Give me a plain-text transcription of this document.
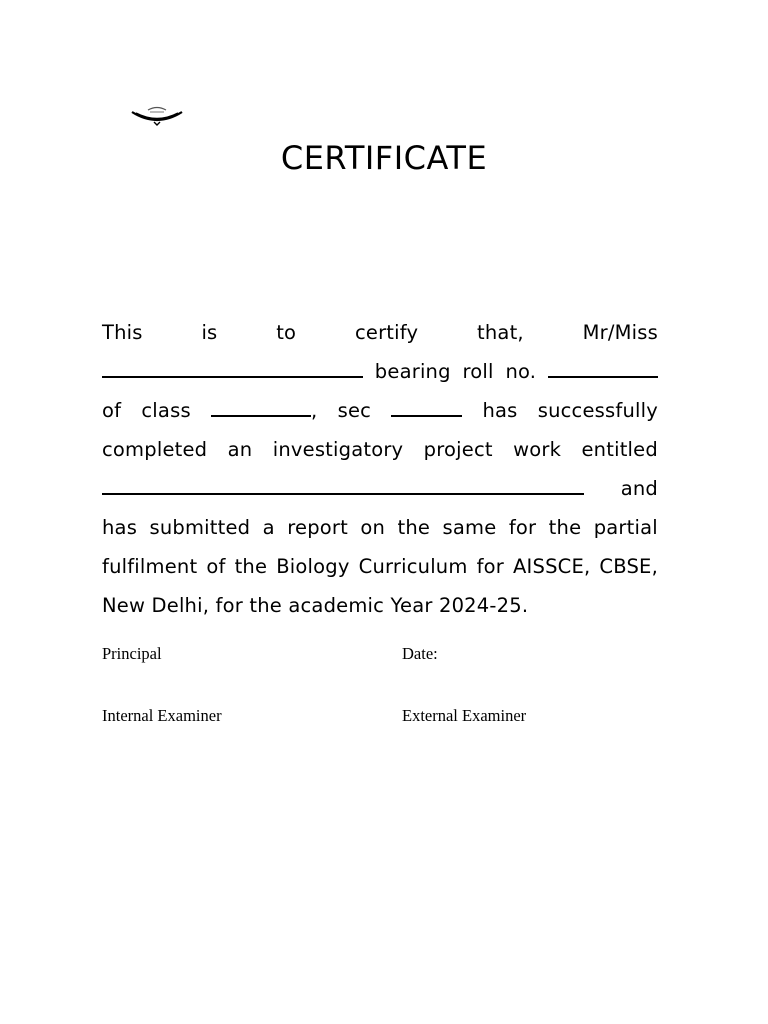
CERTIFICATE
This	is	to	certify	that,	Mr/Miss
bearing roll no.
of class	, sec	has successfully
completed an investigatory project work entitled
and
has submitted a report on the same for the partial
fulfilment of the Biology Curriculum for AISSCE, CBSE,
New Delhi, for the academic Year 2024-25.
Principal	Date:
Internal Examiner	External Examiner
